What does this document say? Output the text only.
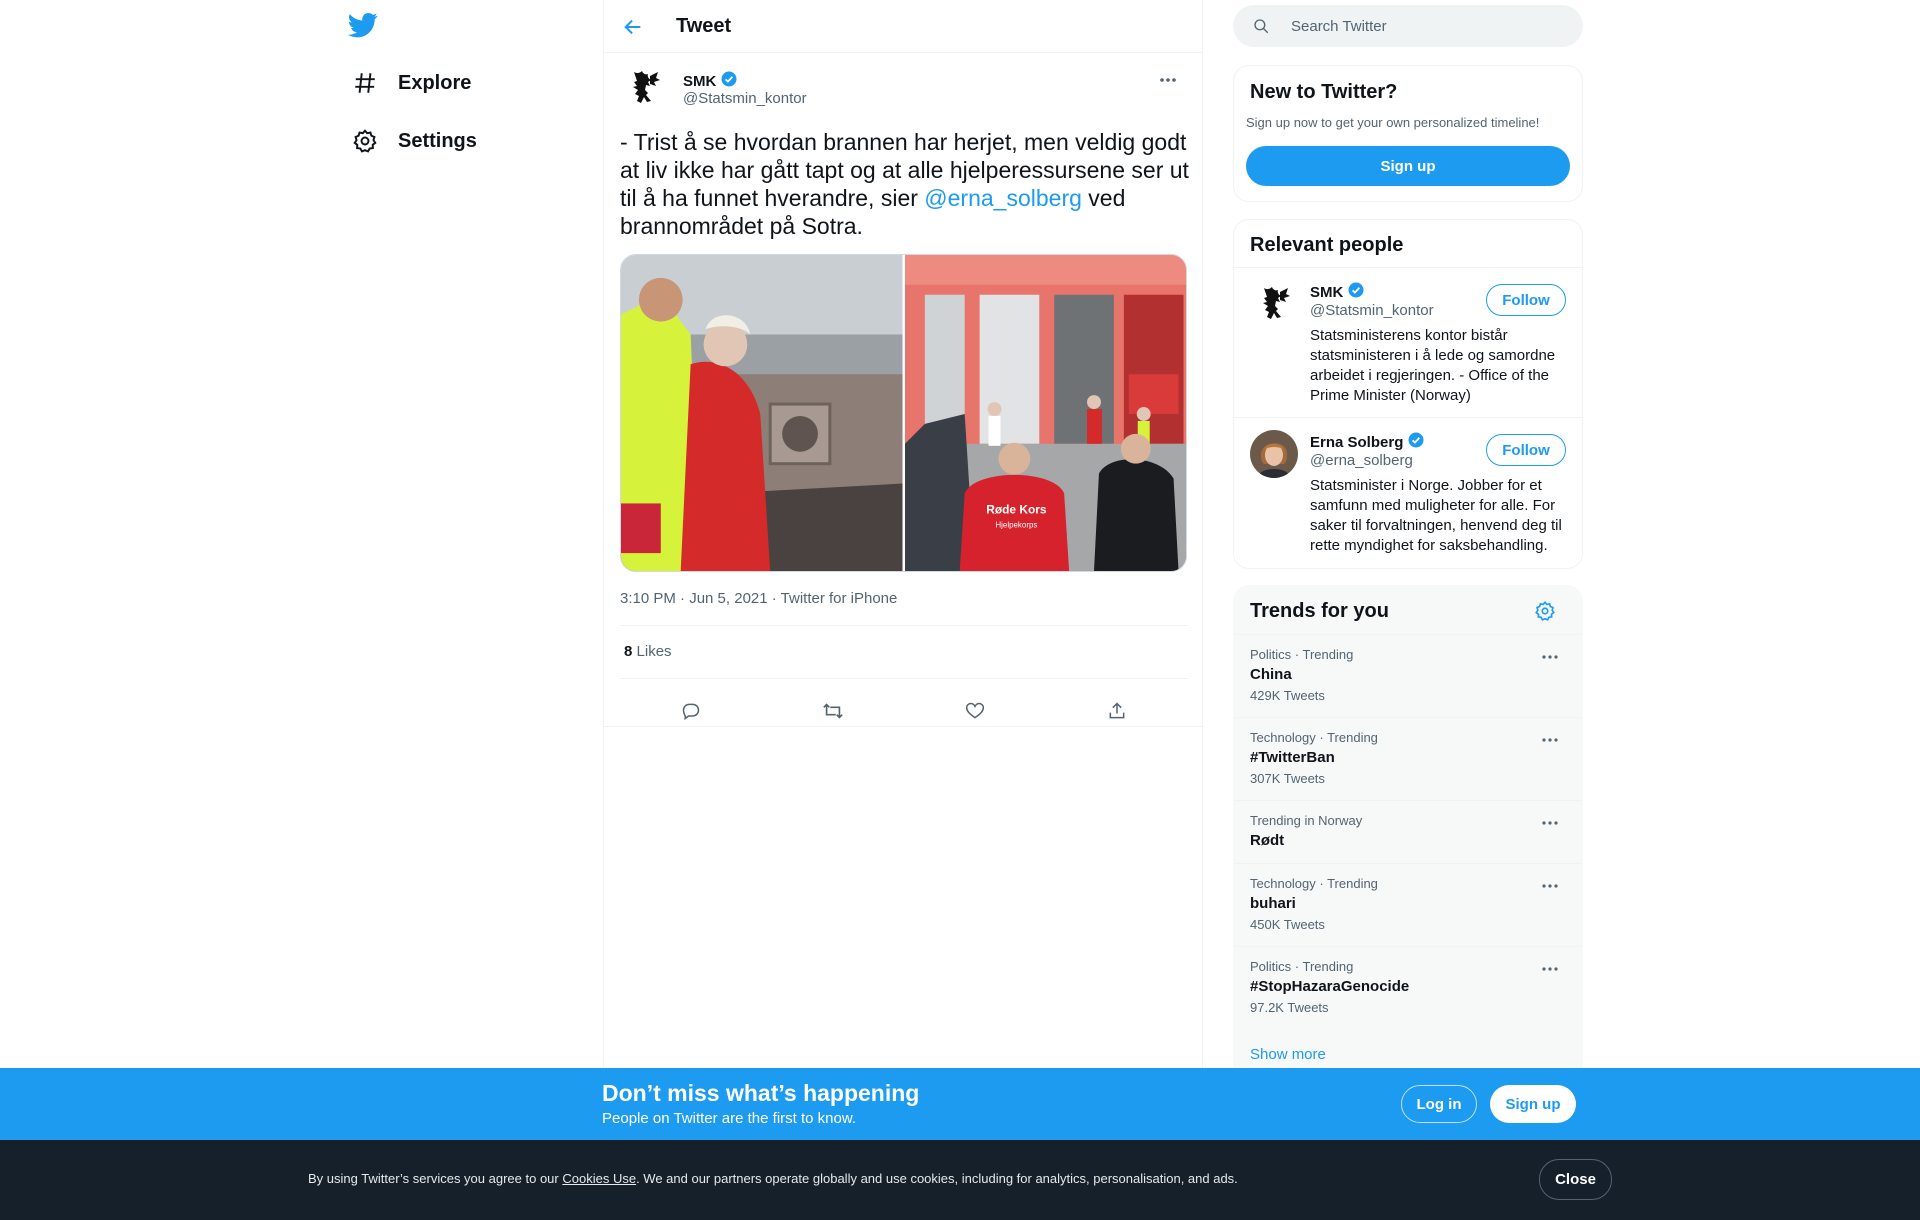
Explore
Settings
Tweet
SMK
@Statsmin_kontor
- Trist å se hvordan brannen har herjet, men veldig godt at liv ikke har gått tapt og at alle hjelperessursene ser ut til å ha funnet hverandre, sier @erna_solberg ved brannområdet på Sotra.
Røde Kors
Hjelpekorps
3:10 PM · Jun 5, 2021 · Twitter for iPhone
8 Likes
Search Twitter
New to Twitter?
Sign up now to get your own personalized timeline!
Sign up
Relevant people
SMK
@Statsmin_kontor
Follow
Statsministerens kontor bistår statsministeren i å lede og samordne arbeidet i regjeringen. - Office of the Prime Minister (Norway)
Erna Solberg
@erna_solberg
Follow
Statsminister i Norge. Jobber for et samfunn med muligheter for alle. For saker til forvaltningen, henvend deg til rette myndighet for saksbehandling.
Trends for you
Politics · Trending
China
429K Tweets
Technology · Trending
#TwitterBan
307K Tweets
Trending in Norway
Rødt
Technology · Trending
buhari
450K Tweets
Politics · Trending
#StopHazaraGenocide
97.2K Tweets
Show more
Don’t miss what’s happening
People on Twitter are the first to know.
Log in	Sign up
By using Twitter’s services you agree to our Cookies Use. We and our partners operate globally and use cookies, including for analytics, personalisation, and ads.	Close
